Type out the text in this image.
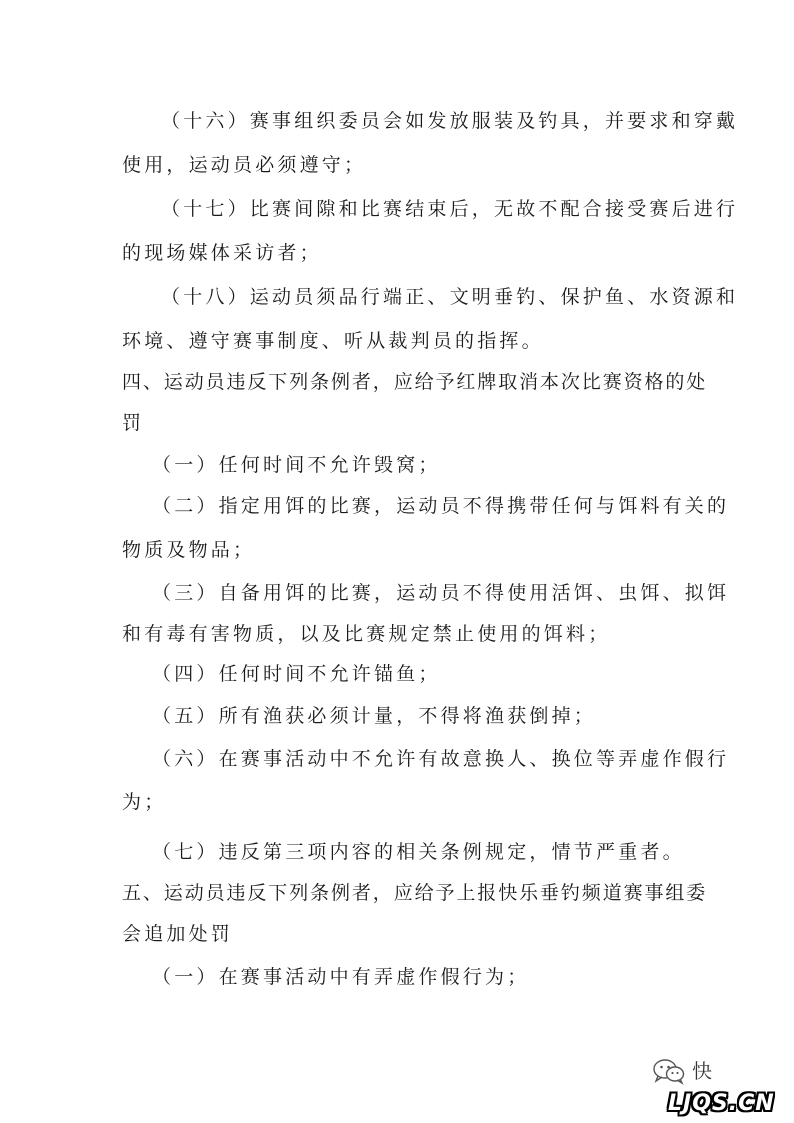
（十六）赛事组织委员会如发放服装及钓具，并要求和穿戴
使用，运动员必须遵守；
（十七）比赛间隙和比赛结束后，无故不配合接受赛后进行
的现场媒体采访者；
（十八）运动员须品行端正、文明垂钓、保护鱼、水资源和
环境、遵守赛事制度、听从裁判员的指挥。
四、运动员违反下列条例者，应给予红牌取消本次比赛资格的处
罚
（一）任何时间不允许毁窝；
（二）指定用饵的比赛，运动员不得携带任何与饵料有关的
物质及物品；
（三）自备用饵的比赛，运动员不得使用活饵、虫饵、拟饵
和有毒有害物质，以及比赛规定禁止使用的饵料；
（四）任何时间不允许锚鱼；
（五）所有渔获必须计量，不得将渔获倒掉；
（六）在赛事活动中不允许有故意换人、换位等弄虚作假行
为；
（七）违反第三项内容的相关条例规定，情节严重者。
五、运动员违反下列条例者，应给予上报快乐垂钓频道赛事组委
会追加处罚
（一）在赛事活动中有弄虚作假行为；
快
LJQS.CN
